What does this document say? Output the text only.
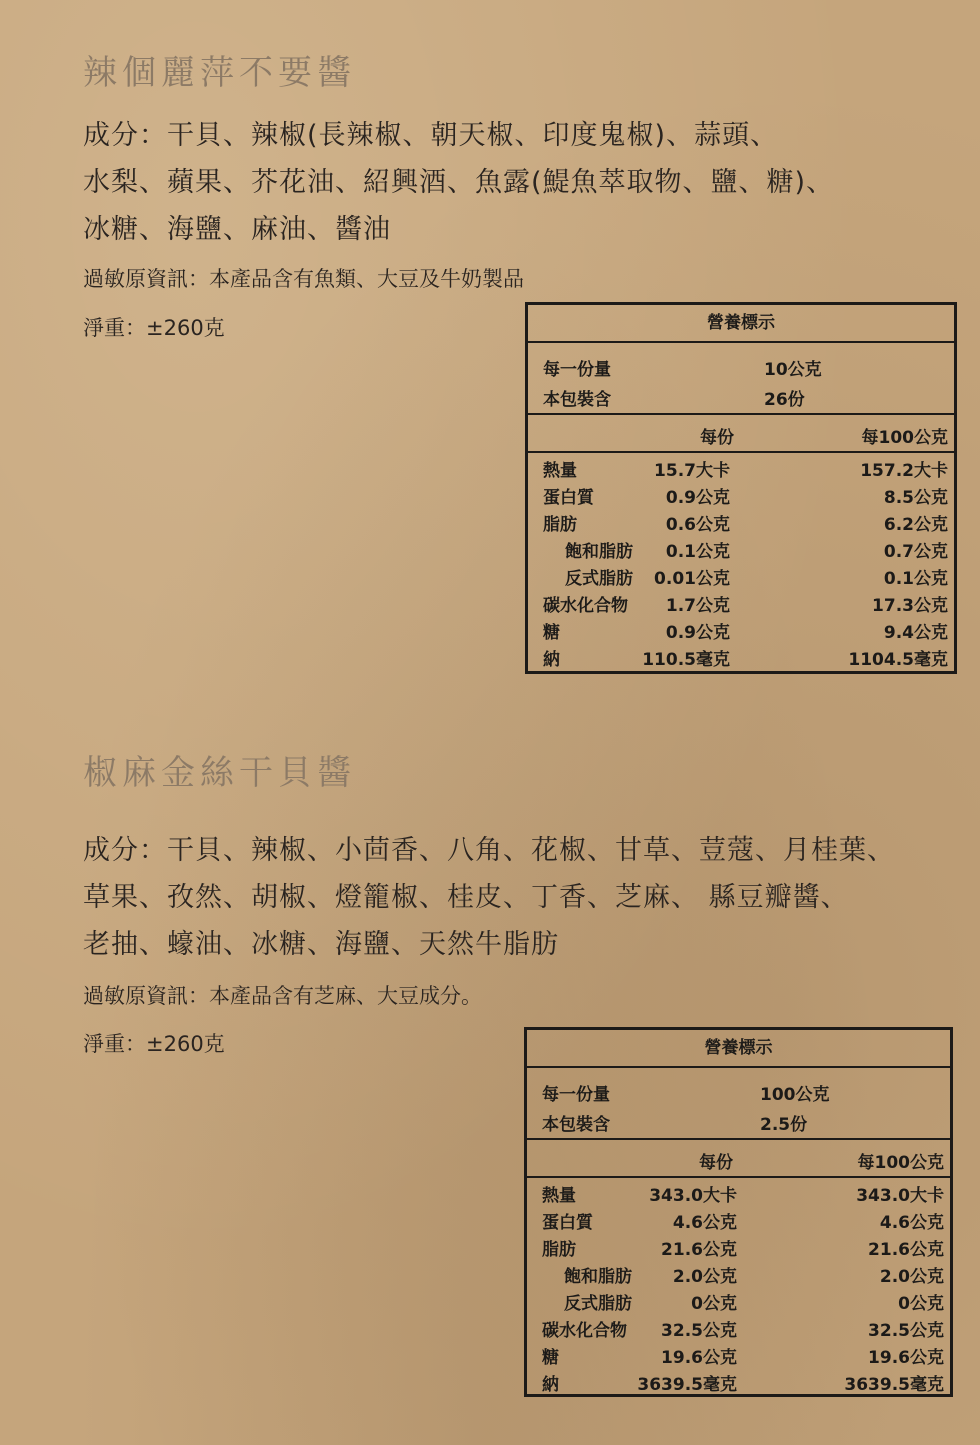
辣個麗萍不要醬
成分：干貝、辣椒(長辣椒、朝天椒、印度鬼椒)、蒜頭、
水梨、蘋果、芥花油、紹興酒、魚露(鯷魚萃取物、鹽、糖)、
冰糖、海鹽、麻油、醬油
過敏原資訊：本產品含有魚類、大豆及牛奶製品
淨重：±260克	營養標示
每一份量	10公克
本包裝含	26份
每份	每100公克
熱量	15.7大卡	157.2大卡
蛋白質	0.9公克	8.5公克
脂肪	0.6公克	6.2公克
飽和脂肪	0.1公克	0.7公克
反式脂肪	0.01公克	0.1公克
碳水化合物	1.7公克	17.3公克
糖	0.9公克	9.4公克
納	110.5毫克	1104.5毫克
椒麻金絲干貝醬
成分：干貝、辣椒、小茴香、八角、花椒、甘草、荳蔻、月桂葉、
草果、孜然、胡椒、燈籠椒、桂皮、丁香、芝麻、 縣豆瓣醬、
老抽、蠔油、冰糖、海鹽、天然牛脂肪
過敏原資訊：本產品含有芝麻、大豆成分。
淨重：±260克	營養標示
每一份量	100公克
本包裝含	2.5份
每份	每100公克
熱量	343.0大卡	343.0大卡
蛋白質	4.6公克	4.6公克
脂肪	21.6公克	21.6公克
飽和脂肪	2.0公克	2.0公克
反式脂肪	0公克	0公克
碳水化合物	32.5公克	32.5公克
糖	19.6公克	19.6公克
納	3639.5毫克	3639.5毫克
